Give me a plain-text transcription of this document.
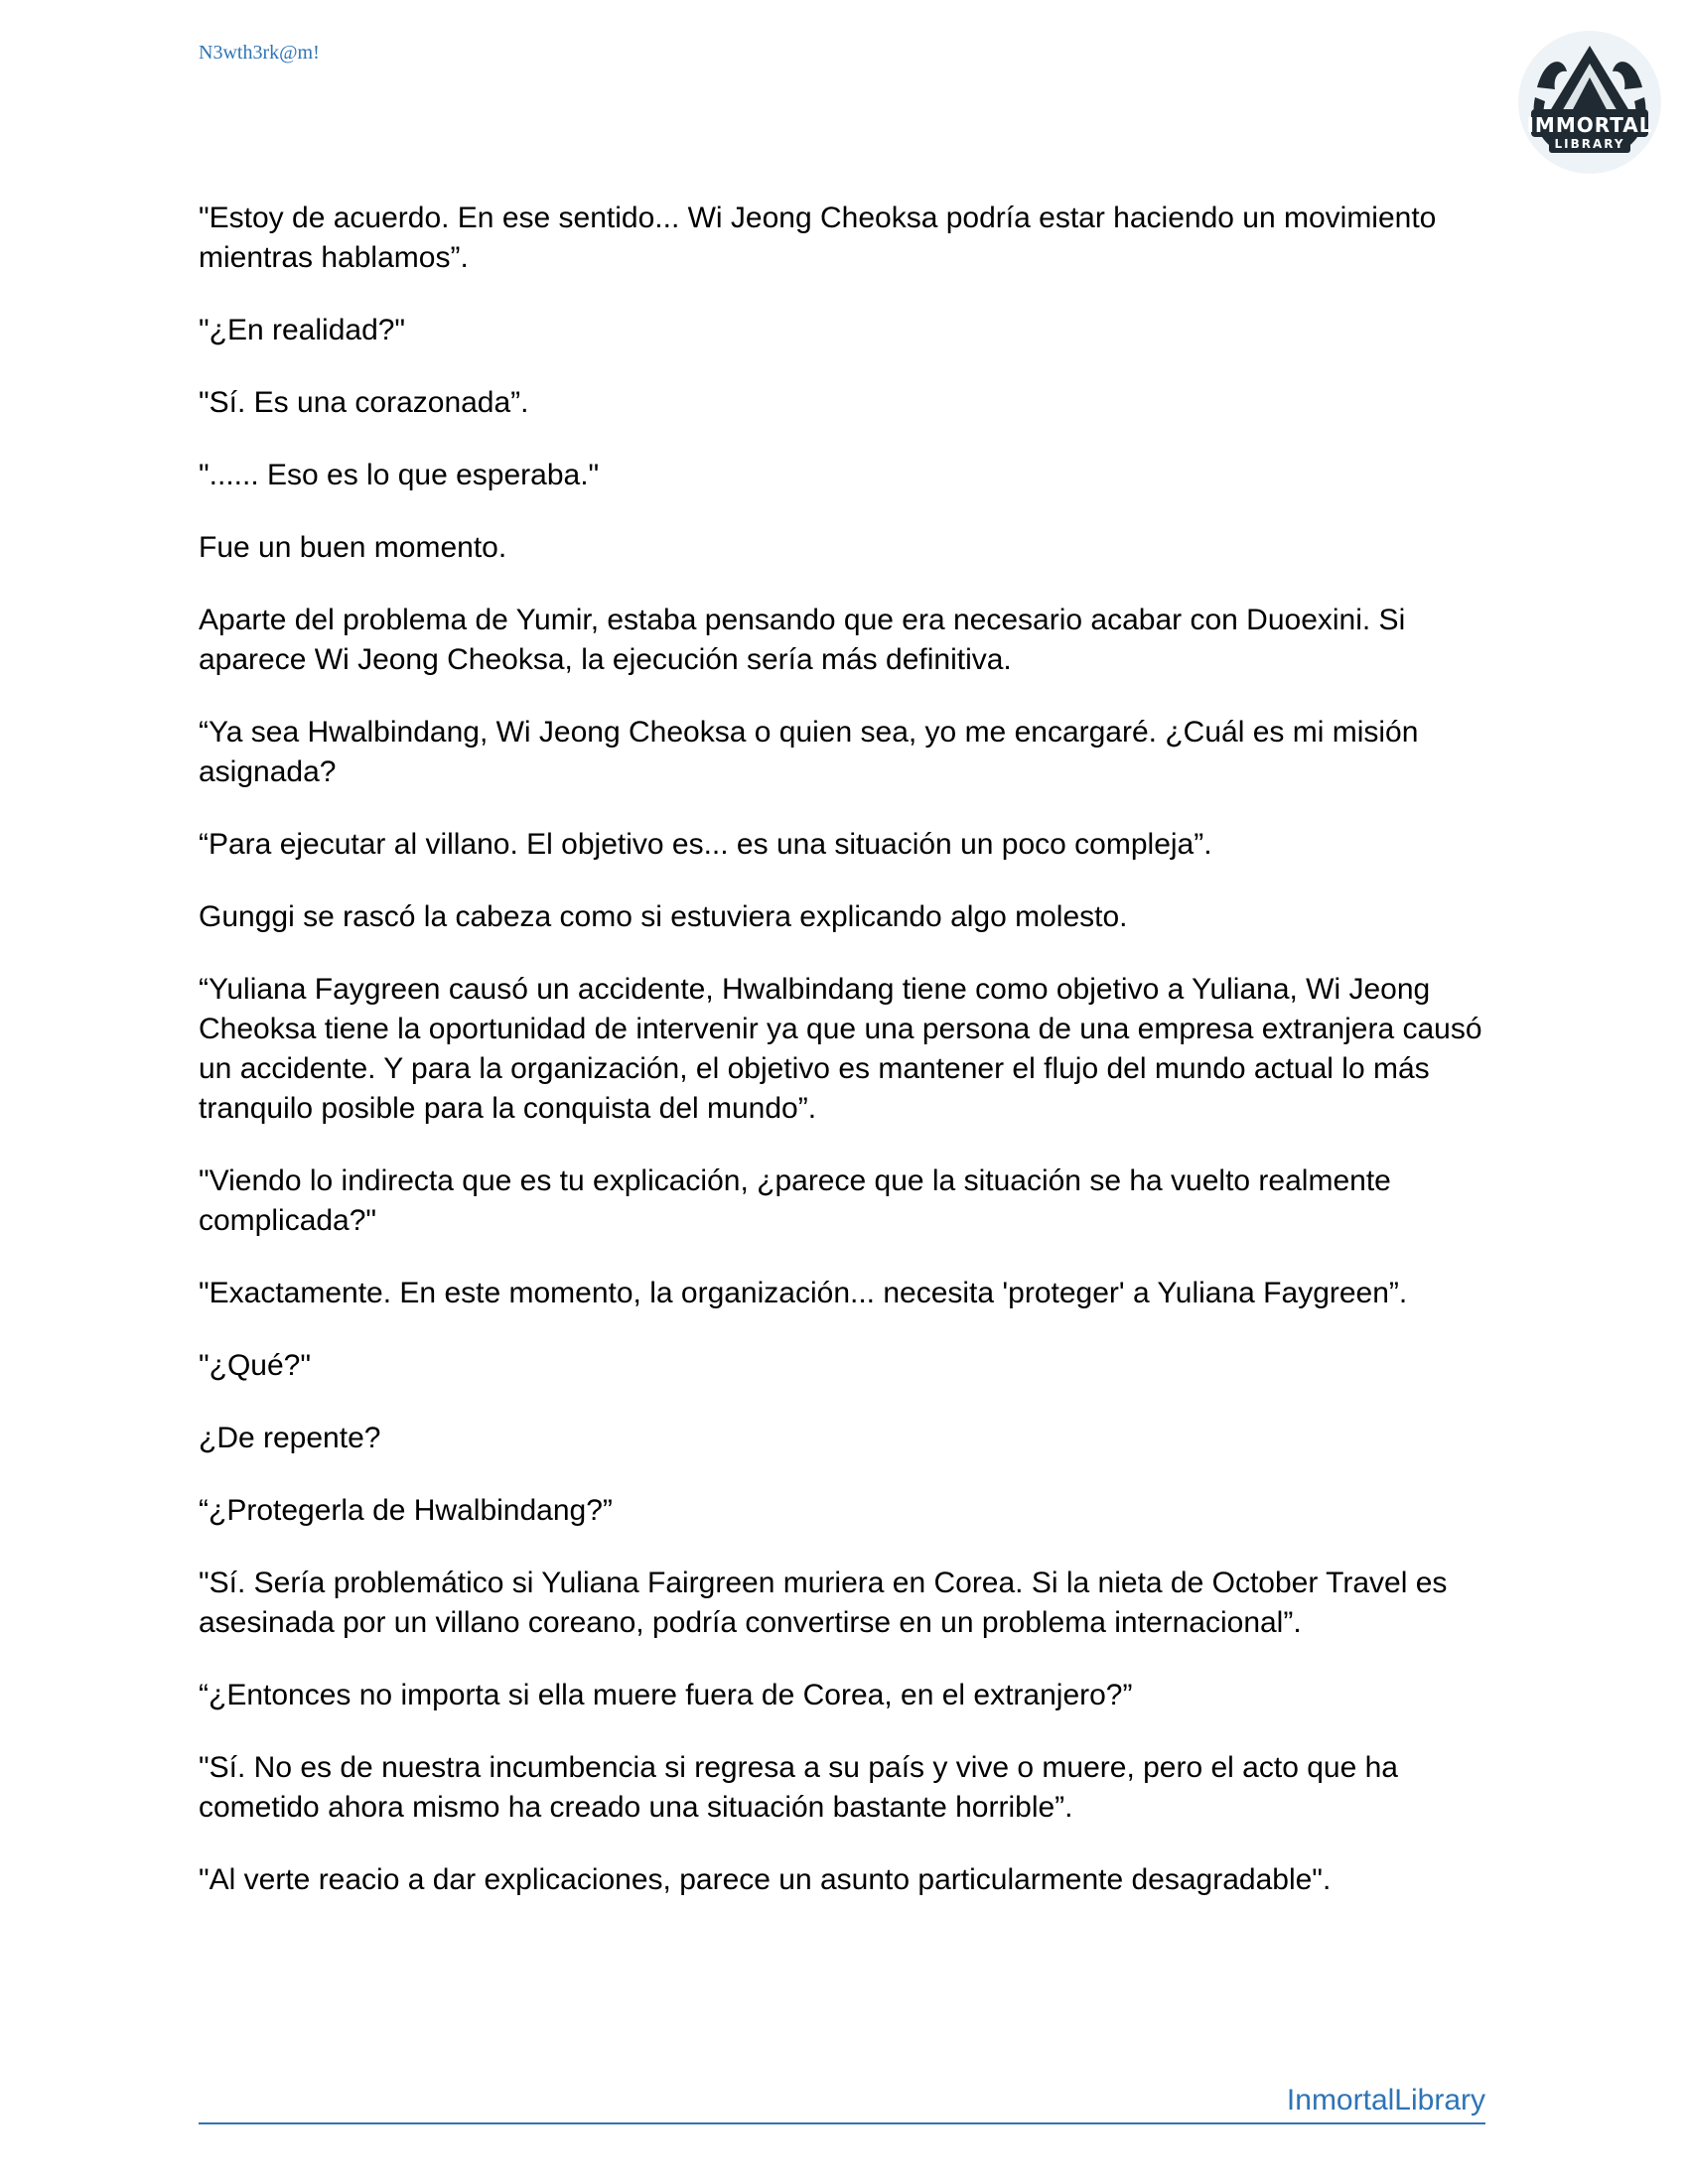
N3wth3rk@m!
IMMORTAL
LIBRARY

"Estoy de acuerdo. En ese sentido... Wi Jeong Cheoksa podría estar haciendo un movimiento mientras hablamos”.

"¿En realidad?"

"Sí. Es una corazonada”.

"...... Eso es lo que esperaba."

Fue un buen momento.

Aparte del problema de Yumir, estaba pensando que era necesario acabar con Duoexini. Si aparece Wi Jeong Cheoksa, la ejecución sería más definitiva.

“Ya sea Hwalbindang, Wi Jeong Cheoksa o quien sea, yo me encargaré. ¿Cuál es mi misión asignada?

“Para ejecutar al villano. El objetivo es... es una situación un poco compleja”.

Gunggi se rascó la cabeza como si estuviera explicando algo molesto.

“Yuliana Faygreen causó un accidente, Hwalbindang tiene como objetivo a Yuliana, Wi Jeong Cheoksa tiene la oportunidad de intervenir ya que una persona de una empresa extranjera causó un accidente. Y para la organización, el objetivo es mantener el flujo del mundo actual lo más tranquilo posible para la conquista del mundo”.

"Viendo lo indirecta que es tu explicación, ¿parece que la situación se ha vuelto realmente complicada?"

"Exactamente. En este momento, la organización... necesita 'proteger' a Yuliana Faygreen”.

"¿Qué?"

¿De repente?

“¿Protegerla de Hwalbindang?”

"Sí. Sería problemático si Yuliana Fairgreen muriera en Corea. Si la nieta de October Travel es asesinada por un villano coreano, podría convertirse en un problema internacional”.

“¿Entonces no importa si ella muere fuera de Corea, en el extranjero?”

"Sí. No es de nuestra incumbencia si regresa a su país y vive o muere, pero el acto que ha cometido ahora mismo ha creado una situación bastante horrible”.

"Al verte reacio a dar explicaciones, parece un asunto particularmente desagradable".

InmortalLibrary
